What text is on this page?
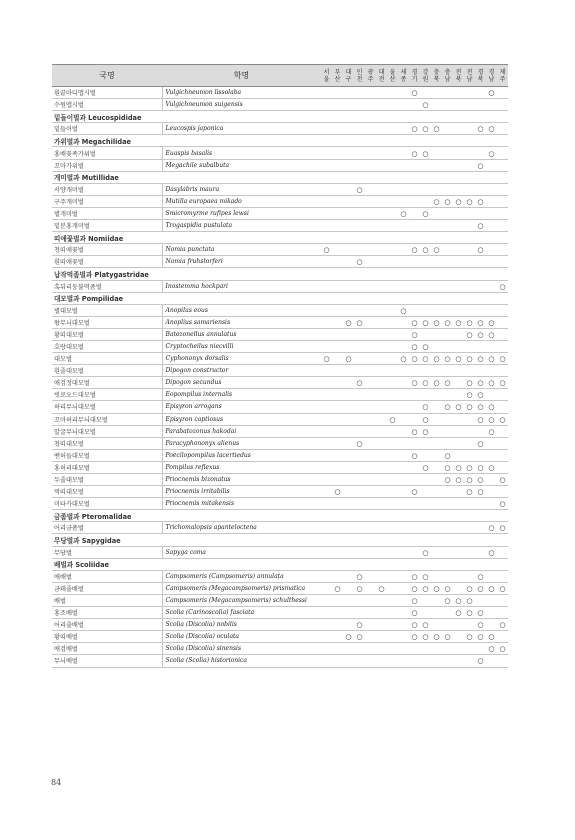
국명	학명	서울	부산	대구	인천	광주	대전	울산	세종	경기	강원	충북	충남	전북	전남	경북	경남	제주
흰끝마디맵시벌	Vulgichneumon lissolaba									○							○	
수원맵시벌	Vulgichneumon suigensis										○							
밑들이벌과 Leucospididae																		
밑들이벌	Leucospis japonica									○	○	○				○	○	
가위벌과 Megachilidae																		
홍배꽃족가위벌	Euaspis basalis									○	○						○	
꼬마가위벌	Megachile subalbuta															○		
개미벌과 Mutillidae																		
서양개미벌	Dasylabris maura				○													
구주개미벌	Mutilla europaea mikado											○	○	○	○	○		
별개미벌	Smicromyrme rufipes lewsi								○		○							
밑분홍개미벌	Trogaspidia pustulata															○		
띠애꽃벌과 Nomiidae																		
청띠애꽃벌	Nomia punctata	○								○	○	○				○		
흰띠애꽃벌	Nomia fruhstorferi				○													
납작먹좀벌과 Platygastridae																		
혹뒤리둥불먹좀벌	Inostemma hockpari																	○
대모벌과 Pompilidae																		
별대모벌	Anopilus eous								○									
왕무늬대모벌	Anoplius samariensis			○	○					○	○	○	○	○	○	○	○	
황띠대모벌	Batozonellus annulatus									○					○	○	○	
호랑대모벌	Cryptocheilus niecvilli									○	○							
대모벌	Cyphononyx dorsalis	○		○					○	○	○	○	○	○	○	○	○	○
흰줄대모벌	Dipogon constructor																	
애검정대모벌	Dipogon secundus				○					○	○	○	○		○	○	○	○
빗로오드대모벌	Eopompilus internalis														○	○		
허리무늬대모벌	Episyron arrogans										○		○	○	○	○	○	
꼬마허리무늬대모벌	Episyron captiosus							○			○					○	○	○
알굴무늬대모벌	Parabatozonus hakodai									○	○						○	
청띠대모벌	Paracyphononyx alienus				○											○		
벤허들대모벌	Poecilopompilus lacertiedus									○			○					
홍허리대모벌	Pompilus reflexus										○		○	○	○	○	○	
두줄대모벌	Priocnemis bizonatus												○	○	○	○		○
먹띠대모벌	Priocnemis irritabilis		○							○					○	○		
미타카대모벌	Priocnemis mitakensis																	○
금좀벌과 Pteromalidae																		
어리금좀벌	Trichomalopsis apanteloctena																○	○
무당벌과 Sapygidae																		
무당벌	Sapyga coma										○						○	
배벌과 Scoliidae																		
애배벌	Campsomeris (Campsomeris) annulata				○					○	○					○		
금테줄배벌	Campsomeris (Megacampsomeris) prismatica		○		○		○			○	○	○	○		○	○	○	○
배벌	Campsomeris (Megacampsomeris) schulthessi									○			○	○	○			
홍조배벌	Scolia (Carinoscolia) fasciata									○				○	○	○		
어리줄배벌	Scolia (Discolia) nobilis				○					○	○					○		○
황띠배벌	Scolia (Discolia) oculata			○	○					○	○	○	○		○	○	○	
애검배벌	Scolia (Discolia) sinensis																○	○
무늬배벌	Scolia (Scolia) historionica															○		
84
